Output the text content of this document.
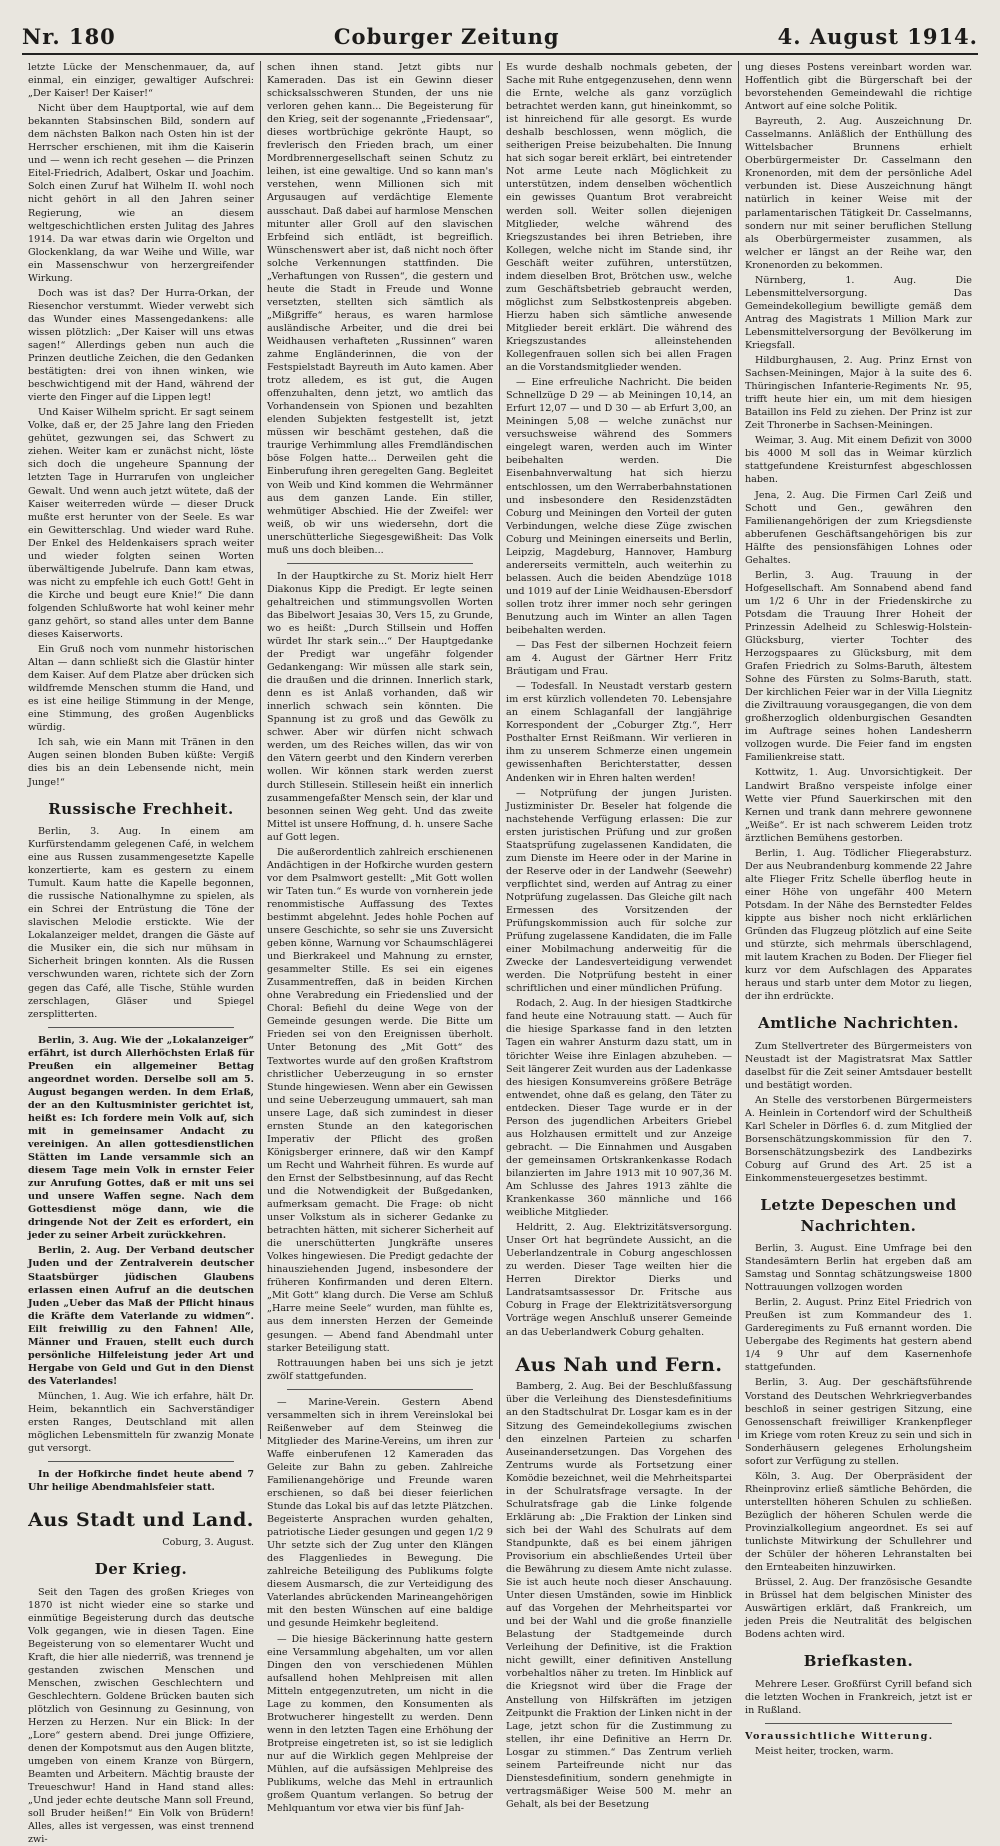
Nr. 180	Coburger Zeitung	4. August 1914.

letzte Lücke der Menschenmauer, da, auf einmal, ein einziger, gewaltiger Aufschrei: „Der Kaiser! Der Kaiser!“

Nicht über dem Hauptportal, wie auf dem bekannten Stabsinschen Bild, sondern auf dem nächsten Balkon nach Osten hin ist der Herrscher erschienen, mit ihm die Kaiserin und — wenn ich recht gesehen — die Prinzen Eitel-Friedrich, Adalbert, Oskar und Joachim. Solch einen Zuruf hat Wilhelm II. wohl noch nicht gehört in all den Jahren seiner Regierung, wie an diesem weltgeschichtlichen ersten Julitag des Jahres 1914. Da war etwas darin wie Orgelton und Glockenklang, da war Weihe und Wille, war ein Massenschwur von herzergreifender Wirkung.

Doch was ist das? Der Hurra-Orkan, der Riesenchor verstummt. Wieder verwebt sich das Wunder eines Massengedankens: alle wissen plötzlich: „Der Kaiser will uns etwas sagen!“ Allerdings geben nun auch die Prinzen deutliche Zeichen, die den Gedanken bestätigten: drei von ihnen winken, wie beschwichtigend mit der Hand, während der vierte den Finger auf die Lippen legt!

Und Kaiser Wilhelm spricht. Er sagt seinem Volke, daß er, der 25 Jahre lang den Frieden gehütet, gezwungen sei, das Schwert zu ziehen. Weiter kam er zunächst nicht, löste sich doch die ungeheure Spannung der letzten Tage in Hurrarufen von ungleicher Gewalt. Und wenn auch jetzt wütete, daß der Kaiser weiterreden würde — dieser Druck mußte erst herunter von der Seele. Es war ein Gewitterschlag. Und wieder ward Ruhe. Der Enkel des Heldenkaisers sprach weiter und wieder folgten seinen Worten überwältigende Jubelrufe. Dann kam etwas, was nicht zu empfehle ich euch Gott! Geht in die Kirche und beugt eure Knie!“ Die dann folgenden Schlußworte hat wohl keiner mehr ganz gehört, so stand alles unter dem Banne dieses Kaiserworts.

Ein Gruß noch vom nunmehr historischen Altan — dann schließt sich die Glastür hinter dem Kaiser. Auf dem Platze aber drücken sich wildfremde Menschen stumm die Hand, und es ist eine heilige Stimmung in der Menge, eine Stimmung, des großen Augenblicks würdig.

Ich sah, wie ein Mann mit Tränen in den Augen seinen blonden Buben küßte: Vergiß dies bis an dein Lebensende nicht, mein Junge!“

Russische Frechheit.

Berlin, 3. Aug. In einem am Kurfürstendamm gelegenen Café, in welchem eine aus Russen zusammengesetzte Kapelle konzertierte, kam es gestern zu einem Tumult. Kaum hatte die Kapelle begonnen, die russische Nationalhymne zu spielen, als ein Schrei der Entrüstung die Töne der slavischen Melodie erstickte. Wie der Lokalanzeiger meldet, drangen die Gäste auf die Musiker ein, die sich nur mühsam in Sicherheit bringen konnten. Als die Russen verschwunden waren, richtete sich der Zorn gegen das Café, alle Tische, Stühle wurden zerschlagen, Gläser und Spiegel zersplitterten.

Berlin, 3. Aug. Wie der „Lokalanzeiger“ erfährt, ist durch Allerhöchsten Erlaß für Preußen ein allgemeiner Bettag angeordnet worden. Derselbe soll am 5. August begangen werden. In dem Erlaß, der an den Kultusminister gerichtet ist, heißt es: Ich fordere mein Volk auf, sich mit in gemeinsamer Andacht zu vereinigen. An allen gottesdienstlichen Stätten im Lande versammle sich an diesem Tage mein Volk in ernster Feier zur Anrufung Gottes, daß er mit uns sei und unsere Waffen segne. Nach dem Gottesdienst möge dann, wie die dringende Not der Zeit es erfordert, ein jeder zu seiner Arbeit zurückkehren.

Berlin, 2. Aug. Der Verband deutscher Juden und der Zentralverein deutscher Staatsbürger jüdischen Glaubens erlassen einen Aufruf an die deutschen Juden „Ueber das Maß der Pflicht hinaus die Kräfte dem Vaterlande zu widmen“. Eilt freiwillig zu den Fahnen! Alle, Männer und Frauen, stellt euch durch persönliche Hilfeleistung jeder Art und Hergabe von Geld und Gut in den Dienst des Vaterlandes!

München, 1. Aug. Wie ich erfahre, hält Dr. Heim, bekanntlich ein Sachverständiger ersten Ranges, Deutschland mit allen möglichen Lebensmitteln für zwanzig Monate gut versorgt.

In der Hofkirche findet heute abend 7 Uhr heilige Abendmahlsfeier statt.

Aus Stadt und Land.
Coburg, 3. August.
Der Krieg.

Seit den Tagen des großen Krieges von 1870 ist nicht wieder eine so starke und einmütige Begeisterung durch das deutsche Volk gegangen, wie in diesen Tagen. Eine Begeisterung von so elementarer Wucht und Kraft, die hier alle niederriß, was trennend je gestanden zwischen Menschen und Menschen, zwischen Geschlechtern und Geschlechtern. Goldene Brücken bauten sich plötzlich von Gesinnung zu Gesinnung, von Herzen zu Herzen. Nur ein Blick: In der „Lore“ gestern abend. Drei junge Offiziere, denen der Kompotsmut aus den Augen blitzte, umgeben von einem Kranze von Bürgern, Beamten und Arbeitern. Mächtig brauste der Treueschwur! Hand in Hand stand alles: „Und jeder echte deutsche Mann soll Freund, soll Bruder heißen!“ Ein Volk von Brüdern! Alles, alles ist vergessen, was einst trennend zwi-

schen ihnen stand. Jetzt gibts nur Kameraden. Das ist ein Gewinn dieser schicksalsschweren Stunden, der uns nie verloren gehen kann... Die Begeisterung für den Krieg, seit der sogenannte „Friedensaar“, dieses wortbrüchige gekrönte Haupt, so frevlerisch den Frieden brach, um einer Mordbrennergesellschaft seinen Schutz zu leihen, ist eine gewaltige. Und so kann man's verstehen, wenn Millionen sich mit Argusaugen auf verdächtige Elemente ausschaut. Daß dabei auf harmlose Menschen mitunter aller Groll auf den slavischen Erbfeind sich entlädt, ist begreiflich. Wünschenswert aber ist, daß nicht noch öfter solche Verkennungen stattfinden. Die „Verhaftungen von Russen“, die gestern und heute die Stadt in Freude und Wonne versetzten, stellten sich sämtlich als „Mißgriffe“ heraus, es waren harmlose ausländische Arbeiter, und die drei bei Weidhausen verhafteten „Russinnen“ waren zahme Engländerinnen, die von der Festspielstadt Bayreuth im Auto kamen. Aber trotz alledem, es ist gut, die Augen offenzuhalten, denn jetzt, wo amtlich das Vorhandensein von Spionen und bezahlten elenden Subjekten festgestellt ist, jetzt müssen wir beschämt gestehen, daß die traurige Verhimmlung alles Fremdländischen böse Folgen hatte... Derweilen geht die Einberufung ihren geregelten Gang. Begleitet von Weib und Kind kommen die Wehrmänner aus dem ganzen Lande. Ein stiller, wehmütiger Abschied. Hie der Zweifel: wer weiß, ob wir uns wiedersehn, dort die unerschütterliche Siegesgewißheit: Das Volk muß uns doch bleiben...

In der Hauptkirche zu St. Moriz hielt Herr Diakonus Kipp die Predigt. Er legte seinen gehaltreichen und stimmungsvollen Worten das Bibelwort Jesaias 30, Vers 15, zu Grunde, wo es heißt: „Durch Stillsein und Hoffen würdet Ihr stark sein...“ Der Hauptgedanke der Predigt war ungefähr folgender Gedankengang: Wir müssen alle stark sein, die draußen und die drinnen. Innerlich stark, denn es ist Anlaß vorhanden, daß wir innerlich schwach sein könnten. Die Spannung ist zu groß und das Gewölk zu schwer. Aber wir dürfen nicht schwach werden, um des Reiches willen, das wir von den Vätern geerbt und den Kindern vererben wollen. Wir können stark werden zuerst durch Stillesein. Stillesein heißt ein innerlich zusammengefaßter Mensch sein, der klar und besonnen seinen Weg geht. Und das zweite Mittel ist unsere Hoffnung, d. h. unsere Sache auf Gott legen.

Die außerordentlich zahlreich erschienenen Andächtigen in der Hofkirche wurden gestern vor dem Psalmwort gestellt: „Mit Gott wollen wir Taten tun.“ Es wurde von vornherein jede renommistische Auffassung des Textes bestimmt abgelehnt. Jedes hohle Pochen auf unsere Geschichte, so sehr sie uns Zuversicht geben könne, Warnung vor Schaumschlägerei und Bierkrakeel und Mahnung zu ernster, gesammelter Stille. Es sei ein eigenes Zusammentreffen, daß in beiden Kirchen ohne Verabredung ein Friedenslied und der Choral: Befiehl du deine Wege von der Gemeinde gesungen werde. Die Bitte um Frieden sei von den Ereignissen überholt. Unter Betonung des „Mit Gott“ des Textwortes wurde auf den großen Kraftstrom christlicher Ueberzeugung in so ernster Stunde hingewiesen. Wenn aber ein Gewissen und seine Ueberzeugung ummauert, sah man unsere Lage, daß sich zumindest in dieser ernsten Stunde an den kategorischen Imperativ der Pflicht des großen Königsberger erinnere, daß wir den Kampf um Recht und Wahrheit führen. Es wurde auf den Ernst der Selbstbesinnung, auf das Recht und die Notwendigkeit der Bußgedanken, aufmerksam gemacht. Die Frage: ob nicht unser Volkstum als in sicherer Gedanke zu betrachten hätten, mit sicherer Sicherheit auf die unerschütterten Jungkräfte unseres Volkes hingewiesen. Die Predigt gedachte der hinausziehenden Jugend, insbesondere der früheren Konfirmanden und deren Eltern. „Mit Gott“ klang durch. Die Verse am Schluß „Harre meine Seele“ wurden, man fühlte es, aus dem innersten Herzen der Gemeinde gesungen. — Abend fand Abendmahl unter starker Beteiligung statt.

Rottrauungen haben bei uns sich je jetzt zwölf stattgefunden.

— Marine-Verein. Gestern Abend versammelten sich in ihrem Vereinslokal bei Reißenweber auf dem Steinweg die Mitglieder des Marine-Vereins, um ihren zur Waffe einberufenen 12 Kameraden das Geleite zur Bahn zu geben. Zahlreiche Familienangehörige und Freunde waren erschienen, so daß bei dieser feierlichen Stunde das Lokal bis auf das letzte Plätzchen. Begeisterte Ansprachen wurden gehalten, patriotische Lieder gesungen und gegen 1/2 9 Uhr setzte sich der Zug unter den Klängen des Flaggenliedes in Bewegung. Die zahlreiche Beteiligung des Publikums folgte diesem Ausmarsch, die zur Verteidigung des Vaterlandes abrückenden Marineangehörigen mit den besten Wünschen auf eine baldige und gesunde Heimkehr begleitend.

— Die hiesige Bäckerinnung hatte gestern eine Versammlung abgehalten, um vor allen Dingen den von verschiedenen Mühlen aufsallend hohen Mehlpreisen mit allen Mitteln entgegenzutreten, um nicht in die Lage zu kommen, den Konsumenten als Brotwucherer hingestellt zu werden. Denn wenn in den letzten Tagen eine Erhöhung der Brotpreise eingetreten ist, so ist sie lediglich nur auf die Wirklich gegen Mehlpreise der Mühlen, auf die aufsässigen Mehlpreise des Publikums, welche das Mehl in ertraunlich großem Quantum verlangen. So betrug der Mehlquantum vor etwa vier bis fünf Jah-

Es wurde deshalb nochmals gebeten, der Sache mit Ruhe entgegenzusehen, denn wenn die Ernte, welche als ganz vorzüglich betrachtet werden kann, gut hineinkommt, so ist hinreichend für alle gesorgt. Es wurde deshalb beschlossen, wenn möglich, die seitherigen Preise beizubehalten. Die Innung hat sich sogar bereit erklärt, bei eintretender Not arme Leute nach Möglichkeit zu unterstützen, indem denselben wöchentlich ein gewisses Quantum Brot verabreicht werden soll. Weiter sollen diejenigen Mitglieder, welche während des Kriegszustandes bei ihren Betrieben, ihre Kollegen, welche nicht im Stande sind, ihr Geschäft weiter zuführen, unterstützen, indem dieselben Brot, Brötchen usw., welche zum Geschäftsbetrieb gebraucht werden, möglichst zum Selbstkostenpreis abgeben. Hierzu haben sich sämtliche anwesende Mitglieder bereit erklärt. Die während des Kriegszustandes alleinstehenden Kollegenfrauen sollen sich bei allen Fragen an die Vorstandsmitglieder wenden.

— Eine erfreuliche Nachricht. Die beiden Schnellzüge D 29 — ab Meiningen 10,14, an Erfurt 12,07 — und D 30 — ab Erfurt 3,00, an Meiningen 5,08 — welche zunächst nur versuchsweise während des Sommers eingelegt waren, werden auch im Winter beibehalten werden. Die Eisenbahnverwaltung hat sich hierzu entschlossen, um den Werraberbahnstationen und insbesondere den Residenzstädten Coburg und Meiningen den Vorteil der guten Verbindungen, welche diese Züge zwischen Coburg und Meiningen einerseits und Berlin, Leipzig, Magdeburg, Hannover, Hamburg andererseits vermitteln, auch weiterhin zu belassen. Auch die beiden Abendzüge 1018 und 1019 auf der Linie Weidhausen-Ebersdorf sollen trotz ihrer immer noch sehr geringen Benutzung auch im Winter an allen Tagen beibehalten werden.

— Das Fest der silbernen Hochzeit feiern am 4. August der Gärtner Herr Fritz Bräutigam und Frau.

— Todesfall. In Neustadt verstarb gestern im erst kürzlich vollendeten 70. Lebensjahre an einem Schlaganfall der langjährige Korrespondent der „Coburger Ztg.“, Herr Posthalter Ernst Reißmann. Wir verlieren in ihm zu unserem Schmerze einen ungemein gewissenhaften Berichterstatter, dessen Andenken wir in Ehren halten werden!

— Notprüfung der jungen Juristen. Justizminister Dr. Beseler hat folgende die nachstehende Verfügung erlassen: Die zur ersten juristischen Prüfung und zur großen Staatsprüfung zugelassenen Kandidaten, die zum Dienste im Heere oder in der Marine in der Reserve oder in der Landwehr (Seewehr) verpflichtet sind, werden auf Antrag zu einer Notprüfung zugelassen. Das Gleiche gilt nach Ermessen des Vorsitzenden der Prüfungskommission auch für solche zur Prüfung zugelassene Kandidaten, die im Falle einer Mobilmachung anderweitig für die Zwecke der Landesverteidigung verwendet werden. Die Notprüfung besteht in einer schriftlichen und einer mündlichen Prüfung.

Rodach, 2. Aug. In der hiesigen Stadtkirche fand heute eine Notrauung statt. — Auch für die hiesige Sparkasse fand in den letzten Tagen ein wahrer Ansturm dazu statt, um in törichter Weise ihre Einlagen abzuheben. — Seit längerer Zeit wurden aus der Ladenkasse des hiesigen Konsumvereins größere Beträge entwendet, ohne daß es gelang, den Täter zu entdecken. Dieser Tage wurde er in der Person des jugendlichen Arbeiters Griebel aus Holzhausen ermittelt und zur Anzeige gebracht. — Die Einnahmen und Ausgaben der gemeinsamen Ortskrankenkasse Rodach bilanzierten im Jahre 1913 mit 10 907,36 M. Am Schlusse des Jahres 1913 zählte die Krankenkasse 360 männliche und 166 weibliche Mitglieder.

Heldritt, 2. Aug. Elektrizitätsversorgung. Unser Ort hat begründete Aussicht, an die Ueberlandzentrale in Coburg angeschlossen zu werden. Dieser Tage weilten hier die Herren Direktor Dierks und Landratsamtsassessor Dr. Fritsche aus Coburg in Frage der Elektrizitätsversorgung Vorträge wegen Anschluß unserer Gemeinde an das Ueberlandwerk Coburg gehalten.

Aus Nah und Fern.

Bamberg, 2. Aug. Bei der Beschlußfassung über die Verleihung des Dienstesdefinitiums an den Stadtschulrat Dr. Losgar kam es in der Sitzung des Gemeindekollegiums zwischen den einzelnen Parteien zu scharfen Auseinandersetzungen. Das Vorgehen des Zentrums wurde als Fortsetzung einer Komödie bezeichnet, weil die Mehrheitspartei in der Schulratsfrage versagte. In der Schulratsfrage gab die Linke folgende Erklärung ab: „Die Fraktion der Linken sind sich bei der Wahl des Schulrats auf dem Standpunkte, daß es bei einem jährigen Provisorium ein abschließendes Urteil über die Bewährung zu diesem Amte nicht zulasse. Sie ist auch heute noch dieser Anschauung. Unter diesen Umständen, sowie im Hinblick auf das Vorgehen der Mehrheitspartei vor und bei der Wahl und die große finanzielle Belastung der Stadtgemeinde durch Verleihung der Definitive, ist die Fraktion nicht gewillt, einer definitiven Anstellung vorbehaltlos näher zu treten. Im Hinblick auf die Kriegsnot wird über die Frage der Anstellung von Hilfskräften im jetzigen Zeitpunkt die Fraktion der Linken nicht in der Lage, jetzt schon für die Zustimmung zu stellen, ihr eine Definitive an Herrn Dr. Losgar zu stimmen.“ Das Zentrum verlieh seinem Parteifreunde nicht nur das Dienstesdefinitium, sondern genehmigte in vertragsmäßiger Weise 500 M. mehr an Gehalt, als bei der Besetzung

ung dieses Postens vereinbart worden war. Hoffentlich gibt die Bürgerschaft bei der bevorstehenden Gemeindewahl die richtige Antwort auf eine solche Politik.

Bayreuth, 2. Aug. Auszeichnung Dr. Casselmanns. Anläßlich der Enthüllung des Wittelsbacher Brunnens erhielt Oberbürgermeister Dr. Casselmann den Kronenorden, mit dem der persönliche Adel verbunden ist. Diese Auszeichnung hängt natürlich in keiner Weise mit der parlamentarischen Tätigkeit Dr. Casselmanns, sondern nur mit seiner beruflichen Stellung als Oberbürgermeister zusammen, als welcher er längst an der Reihe war, den Kronenorden zu bekommen.

Nürnberg, 1. Aug. Die Lebensmittelversorgung. Das Gemeindekollegium bewilligte gemäß dem Antrag des Magistrats 1 Million Mark zur Lebensmittelversorgung der Bevölkerung im Kriegsfall.

Hildburghausen, 2. Aug. Prinz Ernst von Sachsen-Meiningen, Major à la suite des 6. Thüringischen Infanterie-Regiments Nr. 95, trifft heute hier ein, um mit dem hiesigen Bataillon ins Feld zu ziehen. Der Prinz ist zur Zeit Thronerbe in Sachsen-Meiningen.

Weimar, 3. Aug. Mit einem Defizit von 3000 bis 4000 M soll das in Weimar kürzlich stattgefundene Kreisturnfest abgeschlossen haben.

Jena, 2. Aug. Die Firmen Carl Zeiß und Schott und Gen., gewähren den Familienangehörigen der zum Kriegsdienste abberufenen Geschäftsangehörigen bis zur Hälfte des pensionsfähigen Lohnes oder Gehaltes.

Berlin, 3. Aug. Trauung in der Hofgesellschaft. Am Sonnabend abend fand um 1/2 6 Uhr in der Friedenskirche zu Potsdam die Trauung Ihrer Hoheit der Prinzessin Adelheid zu Schleswig-Holstein-Glücksburg, vierter Tochter des Herzogspaares zu Glücksburg, mit dem Grafen Friedrich zu Solms-Baruth, ältestem Sohne des Fürsten zu Solms-Baruth, statt. Der kirchlichen Feier war in der Villa Liegnitz die Ziviltrauung vorausgegangen, die von dem großherzoglich oldenburgischen Gesandten im Auftrage seines hohen Landesherrn vollzogen wurde. Die Feier fand im engsten Familienkreise statt.

Kottwitz, 1. Aug. Unvorsichtigkeit. Der Landwirt Braßno verspeiste infolge einer Wette vier Pfund Sauerkirschen mit den Kernen und trank dann mehrere gewonnene „Weiße“. Er ist nach schwerem Leiden trotz ärztlichen Bemühens gestorben.

Berlin, 1. Aug. Tödlicher Fliegerabsturz. Der aus Neubrandenburg kommende 22 Jahre alte Flieger Fritz Schelle überflog heute in einer Höhe von ungefähr 400 Metern Potsdam. In der Nähe des Bernstedter Feldes kippte aus bisher noch nicht erklärlichen Gründen das Flugzeug plötzlich auf eine Seite und stürzte, sich mehrmals überschlagend, mit lautem Krachen zu Boden. Der Flieger fiel kurz vor dem Aufschlagen des Apparates heraus und starb unter dem Motor zu liegen, der ihn erdrückte.

Amtliche Nachrichten.

Zum Stellvertreter des Bürgermeisters von Neustadt ist der Magistratsrat Max Sattler daselbst für die Zeit seiner Amtsdauer bestellt und bestätigt worden.

An Stelle des verstorbenen Bürgermeisters A. Heinlein in Cortendorf wird der Schultheiß Karl Scheler in Dörfles 6. d. zum Mitglied der Borsenschätzungskommission für den 7. Borsenschätzungsbezirk des Landbezirks Coburg auf Grund des Art. 25 ist a Einkommensteuergesetzes bestimmt.

Letzte Depeschen und Nachrichten.

Berlin, 3. August. Eine Umfrage bei den Standesämtern Berlin hat ergeben daß am Samstag und Sonntag schätzungsweise 1800 Nottrauungen vollzogen worden

Berlin, 2. August. Prinz Eitel Friedrich von Preußen ist zum Kommandeur des 1. Garderegiments zu Fuß ernannt worden. Die Uebergabe des Regiments hat gestern abend 1/4 9 Uhr auf dem Kasernenhofe stattgefunden.

Berlin, 3. Aug. Der geschäftsführende Vorstand des Deutschen Wehrkriegverbandes beschloß in seiner gestrigen Sitzung, eine Genossenschaft freiwilliger Krankenpfleger im Kriege vom roten Kreuz zu sein und sich in Sonderhäusern gelegenes Erholungsheim sofort zur Verfügung zu stellen.

Köln, 3. Aug. Der Oberpräsident der Rheinprovinz erließ sämtliche Behörden, die unterstellten höheren Schulen zu schließen. Bezüglich der höheren Schulen werde die Provinzialkollegium angeordnet. Es sei auf tunlichste Mitwirkung der Schullehrer und der Schüler der höheren Lehranstalten bei den Ernteabeiten hinzuwirken.

Brüssel, 2. Aug. Der französische Gesandte in Brüssel hat dem belgischen Minister des Auswärtigen erklärt, daß Frankreich, um jeden Preis die Neutralität des belgischen Bodens achten wird.

Briefkasten.

Mehrere Leser. Großfürst Cyrill befand sich die letzten Wochen in Frankreich, jetzt ist er in Rußland.

Voraussichtliche Witterung.

Meist heiter, trocken, warm.
